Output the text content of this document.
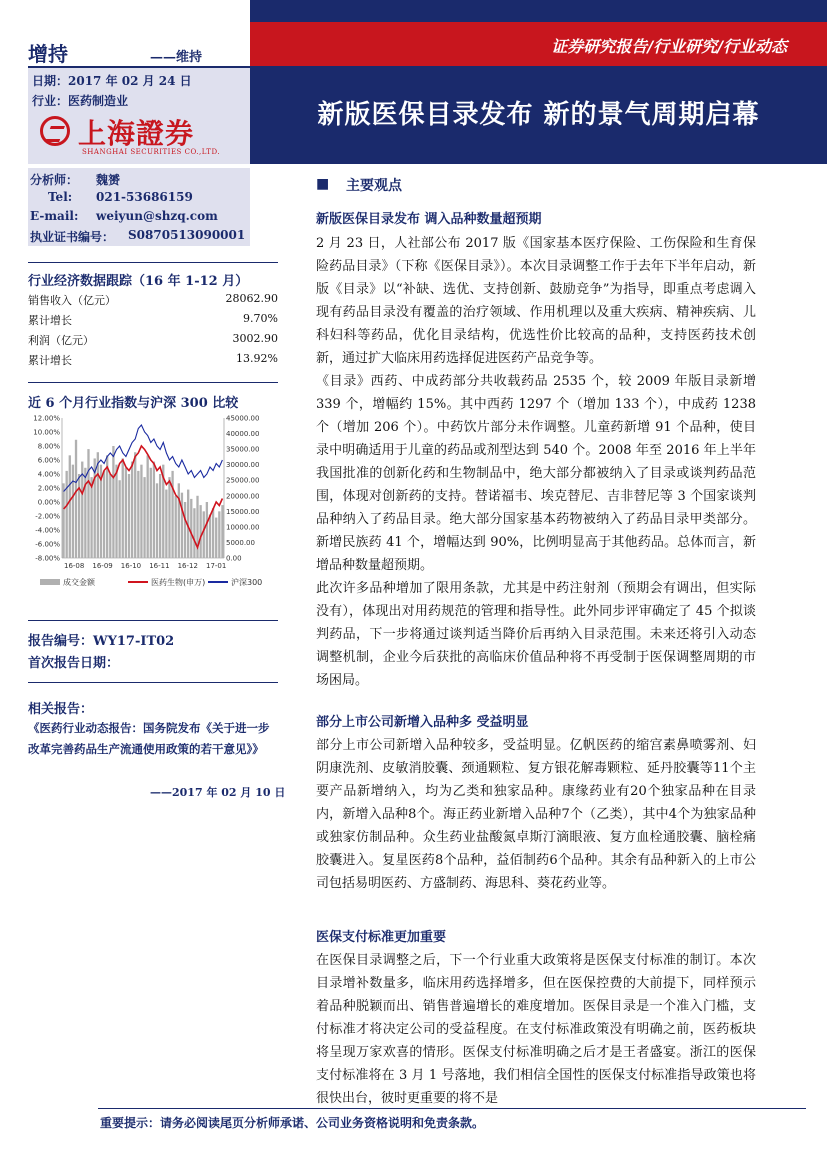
增持	——维持
日期：2017 年 02 月 24 日
行业：医药制造业
上海證券
SHANGHAI SECURITIES CO.,LTD.
证券研究报告/行业研究/行业动态
新版医保目录发布 新的景气周期启幕
分析师： 魏赟
Tel: 021-53686159
E-mail: weiyun@shzq.com
执业证书编号： S0870513090001
行业经济数据跟踪（16 年 1-12 月）
销售收入（亿元）	28062.90
累计增长	9.70%
利润（亿元）	3002.90
累计增长	13.92%
近 6 个月行业指数与沪深 300 比较
12.00%
10.00%
8.00%
6.00%
4.00%
2.00%
0.00%
-2.00%
-4.00%
-6.00%
-8.00%
45000.00
40000.00
35000.00
30000.00
25000.00
20000.00
15000.00
10000.00
5000.00
0.00
16-08 16-09 16-10 16-11 16-12 17-01
成交金额	医药生物(申万)	沪深300
报告编号：WY17-IT02
首次报告日期：
相关报告：
《医药行业动态报告：国务院发布《关于进一步改革完善药品生产流通使用政策的若干意见》》
——2017 年 02 月 10 日
■ 主要观点
新版医保目录发布 调入品种数量超预期

2 月 23 日，人社部公布 2017 版《国家基本医疗保险、工伤保险和生育保险药品目录》（下称《医保目录》）。本次目录调整工作于去年下半年启动，新版《目录》以“补缺、选优、支持创新、鼓励竞争”为指导，即重点考虑调入现有药品目录没有覆盖的治疗领域、作用机理以及重大疾病、精神疾病、儿科妇科等药品，优化目录结构，优选性价比较高的品种，支持医药技术创新，通过扩大临床用药选择促进医药产品竞争等。

《目录》西药、中成药部分共收载药品 2535 个，较 2009 年版目录新增 339 个，增幅约 15%。其中西药 1297 个（增加 133 个），中成药 1238 个（增加 206 个）。中药饮片部分未作调整。儿童药新增 91 个品种，使目录中明确适用于儿童的药品或剂型达到 540 个。2008 年至 2016 年上半年我国批准的创新化药和生物制品中，绝大部分都被纳入了目录或谈判药品范围，体现对创新药的支持。替诺福韦、埃克替尼、吉非替尼等 3 个国家谈判品种纳入了药品目录。绝大部分国家基本药物被纳入了药品目录甲类部分。新增民族药 41 个，增幅达到 90%，比例明显高于其他药品。总体而言，新增品种数量超预期。

此次许多品种增加了限用条款，尤其是中药注射剂（预期会有调出，但实际没有），体现出对用药规范的管理和指导性。此外同步评审确定了 45 个拟谈判药品，下一步将通过谈判适当降价后再纳入目录范围。未来还将引入动态调整机制，企业今后获批的高临床价值品种将不再受制于医保调整周期的市场困局。

部分上市公司新增入品种多 受益明显

部分上市公司新增入品种较多，受益明显。亿帆医药的缩宫素鼻喷雾剂、妇阴康洗剂、皮敏消胶囊、颈通颗粒、复方银花解毒颗粒、延丹胶囊等11个主要产品新增纳入，均为乙类和独家品种。康缘药业有20个独家品种在目录内，新增入品种8个。海正药业新增入品种7个（乙类），其中4个为独家品种或独家仿制品种。众生药业盐酸氮卓斯汀滴眼液、复方血栓通胶囊、脑栓痛胶囊进入。复星医药8个品种，益佰制药6个品种。其余有品种新入的上市公司包括易明医药、方盛制药、海思科、葵花药业等。

医保支付标准更加重要

在医保目录调整之后，下一个行业重大政策将是医保支付标准的制订。本次目录增补数量多，临床用药选择增多，但在医保控费的大前提下，同样预示着品种脱颖而出、销售普遍增长的难度增加。医保目录是一个准入门槛，支付标准才将决定公司的受益程度。在支付标准政策没有明确之前，医药板块将呈现万家欢喜的情形。医保支付标准明确之后才是王者盛宴。浙江的医保支付标准将在 3 月 1 号落地，我们相信全国性的医保支付标准指导政策也将很快出台，彼时更重要的将不是

重要提示：请务必阅读尾页分析师承诺、公司业务资格说明和免责条款。
